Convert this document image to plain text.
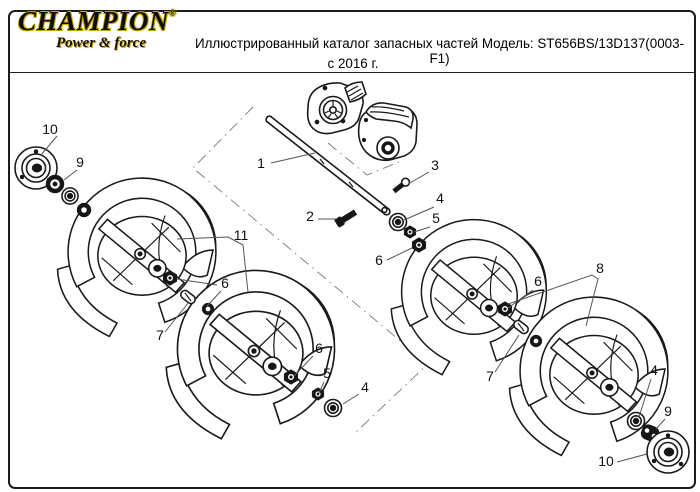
CHAMPION®
Power & force	Иллюстрированный каталог запасных частей Модель: ST656BS/13D137(0003-F1)
с 2016 г.
10
9
11
6
7
6
5
4
1
2
3
4
5
6	8
6
7	4
9
10
